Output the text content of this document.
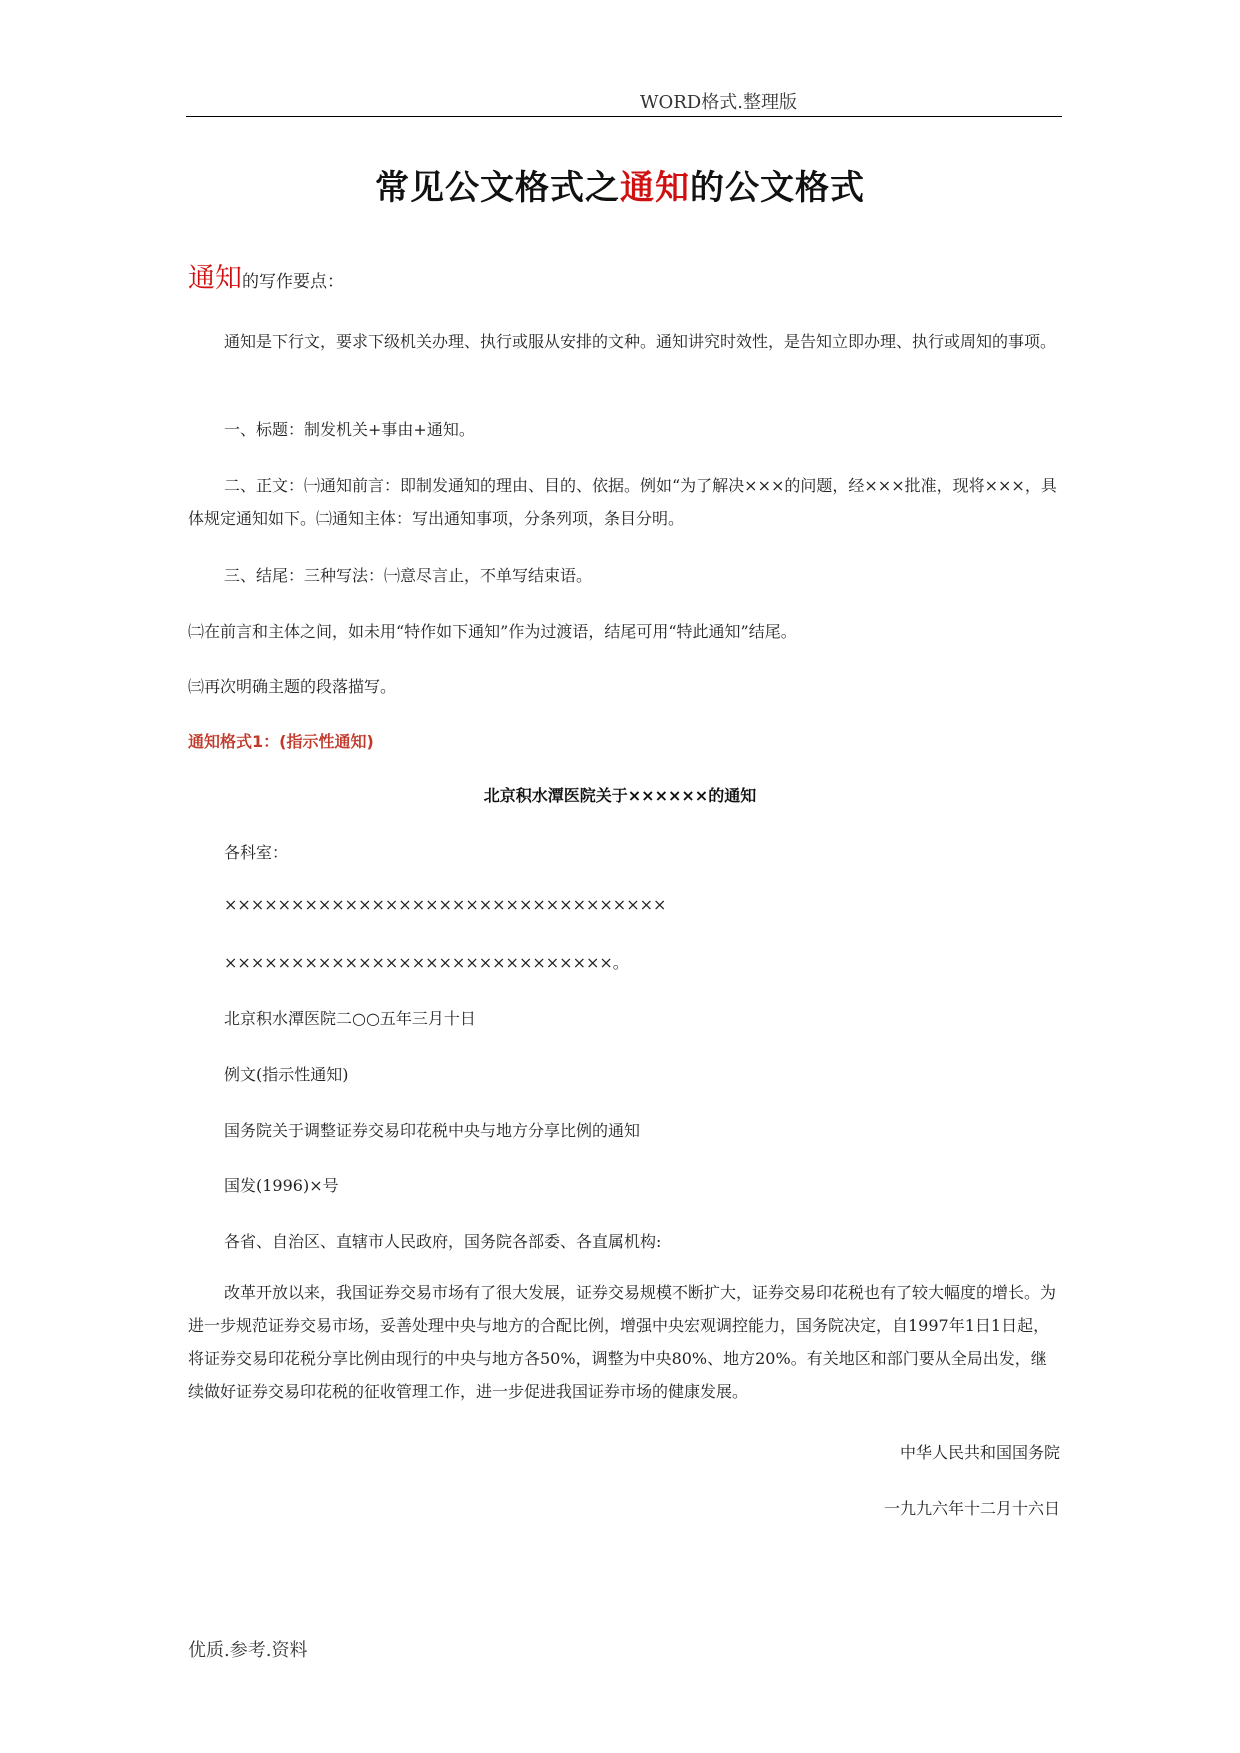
WORD格式.整理版
常见公文格式之通知的公文格式
通知的写作要点：

通知是下行文，要求下级机关办理、执行或服从安排的文种。通知讲究时效性，是告知立即办理、执行或周知的事项。

一、标题：制发机关+事由+通知。

二、正文：㈠通知前言：即制发通知的理由、目的、依据。例如“为了解决×××的问题，经×××批准，现将×××，具体规定通知如下。㈡通知主体：写出通知事项，分条列项，条目分明。

三、结尾：三种写法：㈠意尽言止，不单写结束语。

㈡在前言和主体之间，如未用“特作如下通知”作为过渡语，结尾可用“特此通知”结尾。

㈢再次明确主题的段落描写。

通知格式1：(指示性通知)
北京积水潭医院关于××××××的通知
各科室：
×××××××××××××××××××××××××××××××××
×××××××××××××××××××××××××××××。
北京积水潭医院二○○五年三月十日
例文(指示性通知)
国务院关于调整证券交易印花税中央与地方分享比例的通知
国发(1996)×号
各省、自治区、直辖市人民政府，国务院各部委、各直属机构:

改革开放以来，我国证券交易市场有了很大发展，证券交易规模不断扩大，证券交易印花税也有了较大幅度的增长。为进一步规范证券交易市场，妥善处理中央与地方的合配比例，增强中央宏观调控能力，国务院决定，自1997年1日1日起，将证券交易印花税分享比例由现行的中央与地方各50%，调整为中央80%、地方20%。有关地区和部门要从全局出发，继续做好证券交易印花税的征收管理工作，进一步促进我国证券市场的健康发展。

中华人民共和国国务院
一九九六年十二月十六日
优质.参考.资料
